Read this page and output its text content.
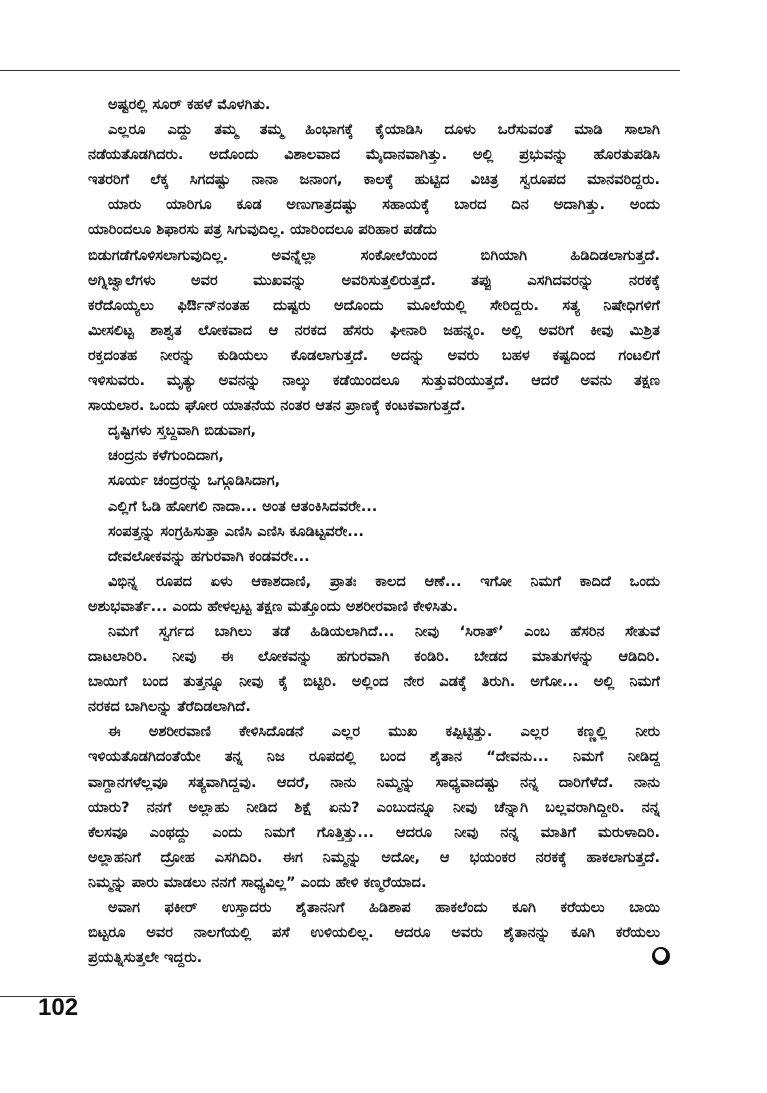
ಅಷ್ಟರಲ್ಲಿ ಸೂರ್ ಕಹಳೆ ಮೊಳಗಿತು.
ಎಲ್ಲರೂ ಎದ್ದು ತಮ್ಮ ತಮ್ಮ ಹಿಂಭಾಗಕ್ಕೆ ಕೈಯಾಡಿಸಿ ದೂಳು ಒರೆಸುವಂತೆ ಮಾಡಿ ಸಾಲಾಗಿ
ನಡೆಯತೊಡಗಿದರು. ಅದೊಂದು ವಿಶಾಲವಾದ ಮೈದಾನವಾಗಿತ್ತು. ಅಲ್ಲಿ ಪ್ರಭುವನ್ನು ಹೊರತುಪಡಿಸಿ
ಇತರರಿಗೆ ಲೆಕ್ಕ ಸಿಗದಷ್ಟು ನಾನಾ ಜನಾಂಗ, ಕಾಲಕ್ಕೆ ಹುಟ್ಟಿದ ವಿಚಿತ್ರ ಸ್ವರೂಪದ ಮಾನವರಿದ್ದರು.
ಯಾರು ಯಾರಿಗೂ ಕೂಡ ಅಣುಗಾತ್ರದಷ್ಟು ಸಹಾಯಕ್ಕೆ ಬಾರದ ದಿನ ಅದಾಗಿತ್ತು. ಅಂದು
ಯಾರಿಂದಲೂ ಶಿಫಾರಸು ಪತ್ರ ಸಿಗುವುದಿಲ್ಲ. ಯಾರಿಂದಲೂ ಪರಿಹಾರ ಪಡೆದು
ಬಿಡುಗಡೆಗೊಳಿಸಲಾಗುವುದಿಲ್ಲ. ಅವನ್ನೆಲ್ಲಾ ಸಂಕೋಲೆಯಿಂದ ಬಿಗಿಯಾಗಿ ಹಿಡಿದಿಡಲಾಗುತ್ತದೆ.
ಅಗ್ನಿಜ್ವಾಲೆಗಳು ಅವರ ಮುಖವನ್ನು ಅವರಿಸುತ್ತಲಿರುತ್ತದೆ. ತಪ್ಪು ಎಸಗಿದವರನ್ನು ನರಕಕ್ಕೆ
ಕರೆದೊಯ್ಯಲು ಫಿರ್ಔನ್‌ನಂತಹ ದುಷ್ಟರು ಅದೊಂದು ಮೂಲೆಯಲ್ಲಿ ಸೇರಿದ್ದರು. ಸತ್ಯ ನಿಷೇಧಿಗಳಿಗೆ
ಮೀಸಲಿಟ್ಟ ಶಾಶ್ವತ ಲೋಕವಾದ ಆ ನರಕದ ಹೆಸರು ಘೀನಾರಿ ಜಹನ್ನಂ. ಅಲ್ಲಿ ಅವರಿಗೆ ಕೀವು ಮಿಶ್ರಿತ
ರಕ್ತದಂತಹ ನೀರನ್ನು ಕುಡಿಯಲು ಕೊಡಲಾಗುತ್ತದೆ. ಅದನ್ನು ಅವರು ಬಹಳ ಕಷ್ಟದಿಂದ ಗಂಟಲಿಗೆ
ಇಳಿಸುವರು. ಮೃತ್ಯು ಅವನನ್ನು ನಾಲ್ಕು ಕಡೆಯಿಂದಲೂ ಸುತ್ತುವರಿಯುತ್ತದೆ. ಆದರೆ ಅವನು ತಕ್ಷಣ
ಸಾಯಲಾರ. ಒಂದು ಘೋರ ಯಾತನೆಯ ನಂತರ ಆತನ ಪ್ರಾಣಕ್ಕೆ ಕಂಟಕವಾಗುತ್ತದೆ.
ದೃಷ್ಟಿಗಳು ಸ್ತಬ್ದವಾಗಿ ಬಿಡುವಾಗ,
ಚಂದ್ರನು ಕಳೆಗುಂದಿದಾಗ,
ಸೂರ್ಯ ಚಂದ್ರರನ್ನು ಒಗ್ಗೂಡಿಸಿದಾಗ,
ಎಲ್ಲಿಗೆ ಓಡಿ ಹೋಗಲಿ ನಾದಾ... ಅಂತ ಆತಂಕಿಸಿದವರೇ...
ಸಂಪತ್ತನ್ನು ಸಂಗ್ರಹಿಸುತ್ತಾ ಎಣಿಸಿ ಎಣಿಸಿ ಕೂಡಿಟ್ಟವರೇ...
ದೇವಲೋಕವನ್ನು ಹಗುರವಾಗಿ ಕಂಡವರೇ...
ವಿಭಿನ್ನ ರೂಪದ ಏಳು ಆಕಾಶದಾಣಿ, ಪ್ರಾತಃ ಕಾಲದ ಆಣೆ... ಇಗೋ ನಿಮಗೆ ಕಾದಿದೆ ಒಂದು
ಅಶುಭವಾರ್ತೆ... ಎಂದು ಹೇಳಲ್ಪಟ್ಟ ತಕ್ಷಣ ಮತ್ತೊಂದು ಅಶರೀರವಾಣಿ ಕೇಳಿಸಿತು.
ನಿಮಗೆ ಸ್ವರ್ಗದ ಬಾಗಿಲು ತಡೆ ಹಿಡಿಯಲಾಗಿದೆ... ನೀವು ‘ಸಿರಾತ್’ ಎಂಬ ಹೆಸರಿನ ಸೇತುವೆ
ದಾಟಲಾರಿರಿ. ನೀವು ಈ ಲೋಕವನ್ನು ಹಗುರವಾಗಿ ಕಂಡಿರಿ. ಬೇಡದ ಮಾತುಗಳನ್ನು ಆಡಿದಿರಿ.
ಬಾಯಿಗೆ ಬಂದ ತುತ್ತನ್ನೂ ನೀವು ಕೈ ಬಿಟ್ಟಿರಿ. ಅಲ್ಲಿಂದ ನೇರ ಎಡಕ್ಕೆ ತಿರುಗಿ. ಅಗೋ... ಅಲ್ಲಿ ನಿಮಗೆ
ನರಕದ ಬಾಗಿಲನ್ನು ತೆರೆದಿಡಲಾಗಿದೆ.
ಈ ಅಶರೀರವಾಣಿ ಕೇಳಿಸಿದೊಡನೆ ಎಲ್ಲರ ಮುಖ ಕಪ್ಪಿಟ್ಟಿತ್ತು. ಎಲ್ಲರ ಕಣ್ಣಲ್ಲಿ ನೀರು
ಇಳಿಯತೊಡಗಿದಂತೆಯೇ ತನ್ನ ನಿಜ ರೂಪದಲ್ಲಿ ಬಂದ ಶೈತಾನ “ದೇವನು... ನಿಮಗೆ ನೀಡಿದ್ದ
ವಾಗ್ದಾನಗಳೆಲ್ಲವೂ ಸತ್ಯವಾಗಿದ್ದವು. ಆದರೆ, ನಾನು ನಿಮ್ಮನ್ನು ಸಾಧ್ಯವಾದಷ್ಟು ನನ್ನ ದಾರಿಗೆಳೆದೆ. ನಾನು
ಯಾರು? ನನಗೆ ಅಲ್ಲಾಹು ನೀಡಿದ ಶಿಕ್ಷೆ ಏನು? ಎಂಬುದನ್ನೂ ನೀವು ಚೆನ್ನಾಗಿ ಬಲ್ಲವರಾಗಿದ್ದೀರಿ. ನನ್ನ
ಕೆಲಸವೂ ಎಂಥದ್ದು ಎಂದು ನಿಮಗೆ ಗೊತ್ತಿತ್ತು... ಆದರೂ ನೀವು ನನ್ನ ಮಾತಿಗೆ ಮರುಳಾದಿರಿ.
ಅಲ್ಲಾಹನಿಗೆ ದ್ರೋಹ ಎಸಗಿದಿರಿ. ಈಗ ನಿಮ್ಮನ್ನು ಅದೋ, ಆ ಭಯಂಕರ ನರಕಕ್ಕೆ ಹಾಕಲಾಗುತ್ತದೆ.
ನಿಮ್ಮನ್ನು ಪಾರು ಮಾಡಲು ನನಗೆ ಸಾಧ್ಯವಿಲ್ಲ” ಎಂದು ಹೇಳಿ ಕಣ್ಮರೆಯಾದ.
ಅವಾಗ ಫಕೀರ್ ಉಸ್ತಾದರು ಶೈತಾನನಿಗೆ ಹಿಡಿಶಾಪ ಹಾಕಲೆಂದು ಕೂಗಿ ಕರೆಯಲು ಬಾಯಿ
ಬಿಟ್ಟರೂ ಅವರ ನಾಲಗೆಯಲ್ಲಿ ಪಸೆ ಉಳಿಯಲಿಲ್ಲ. ಆದರೂ ಅವರು ಶೈತಾನನ್ನು ಕೂಗಿ ಕರೆಯಲು
ಪ್ರಯತ್ನಿಸುತ್ತಲೇ ಇದ್ದರು.
102
